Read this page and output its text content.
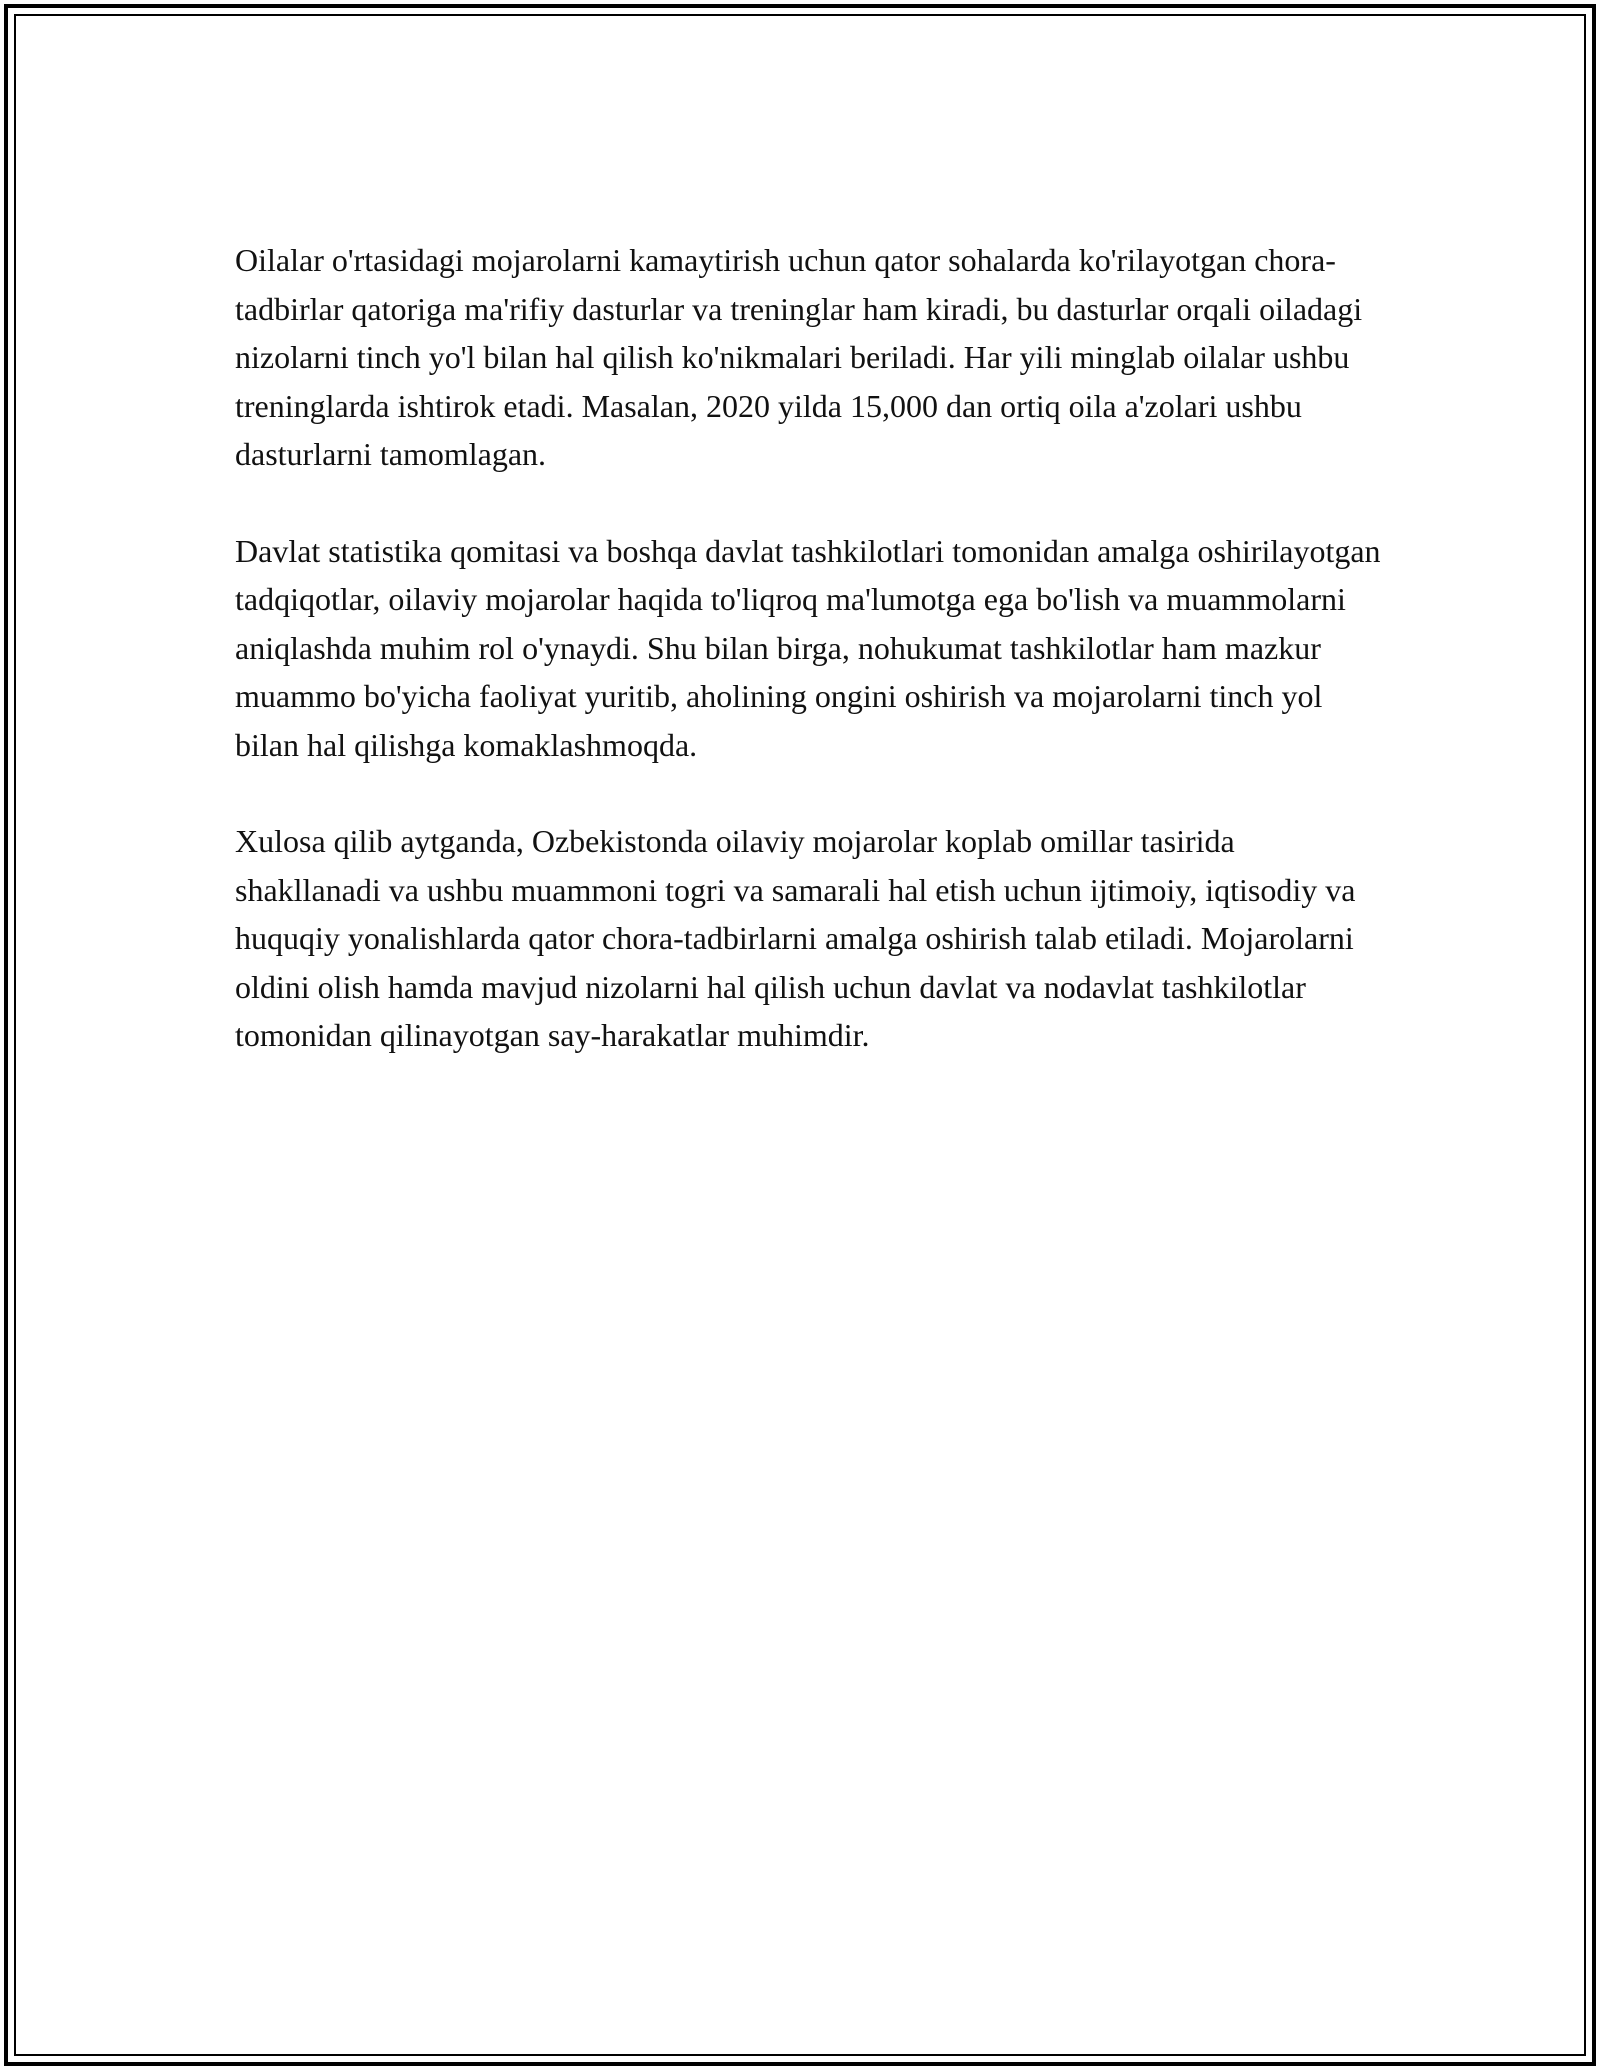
Oilalar o'rtasidagi mojarolarni kamaytirish uchun qator sohalarda ko'rilayotgan chora-tadbirlar qatoriga ma'rifiy dasturlar va treninglar ham kiradi, bu dasturlar orqali oiladagi nizolarni tinch yo'l bilan hal qilish ko'nikmalari beriladi. Har yili minglab oilalar ushbu treninglarda ishtirok etadi. Masalan, 2020 yilda 15,000 dan ortiq oila a'zolari ushbu dasturlarni tamomlagan.

Davlat statistika qomitasi va boshqa davlat tashkilotlari tomonidan amalga oshirilayotgan tadqiqotlar, oilaviy mojarolar haqida to'liqroq ma'lumotga ega bo'lish va muammolarni aniqlashda muhim rol o'ynaydi. Shu bilan birga, nohukumat tashkilotlar ham mazkur muammo bo'yicha faoliyat yuritib, aholining ongini oshirish va mojarolarni tinch yol bilan hal qilishga komaklashmoqda.

Xulosa qilib aytganda, Ozbekistonda oilaviy mojarolar koplab omillar tasirida shakllanadi va ushbu muammoni togri va samarali hal etish uchun ijtimoiy, iqtisodiy va huquqiy yonalishlarda qator chora-tadbirlarni amalga oshirish talab etiladi. Mojarolarni oldini olish hamda mavjud nizolarni hal qilish uchun davlat va nodavlat tashkilotlar tomonidan qilinayotgan say-harakatlar muhimdir.
